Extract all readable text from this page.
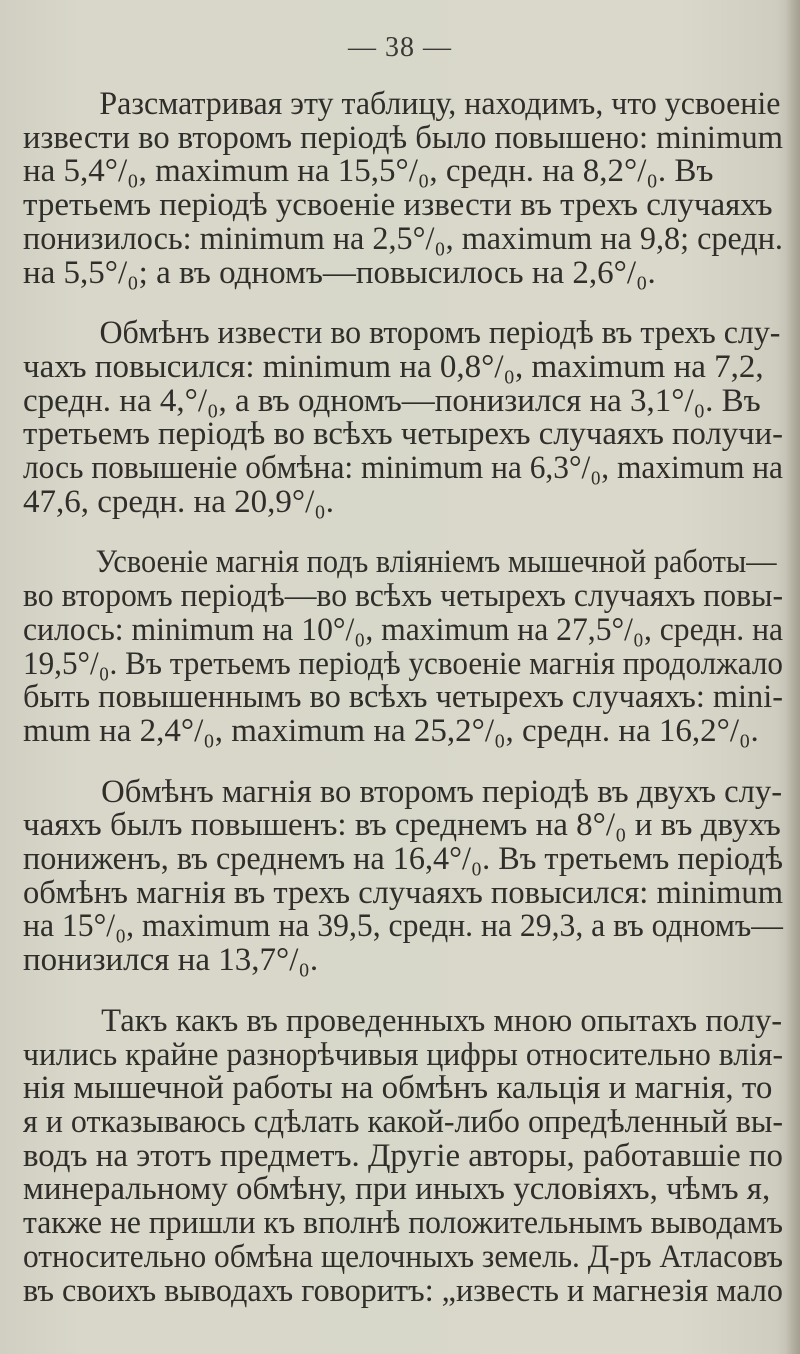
— 38 —

Разсматривая эту таблицу, находимъ, что усвоеніе
извести во второмъ періодѣ было повышено: minimum
на 5,4°/₀, maximum на 15,5°/₀, средн. на 8,2°/₀. Въ
третьемъ періодѣ усвоеніе извести въ трехъ случаяхъ
понизилось: minimum на 2,5°/₀, maximum на 9,8; средн.
на 5,5°/₀; а въ одномъ—повысилось на 2,6°/₀.

Обмѣнъ извести во второмъ періодѣ въ трехъ слу-
чахъ повысился: minimum на 0,8°/₀, maximum на 7,2,
средн. на 4,°/₀, а въ одномъ—понизился на 3,1°/₀. Въ
третьемъ періодѣ во всѣхъ четырехъ случаяхъ получи-
лось повышеніе обмѣна: minimum на 6,3°/₀, maximum на
47,6, средн. на 20,9°/₀.

Усвоеніе магнія подъ вліяніемъ мышечной работы—
во второмъ періодѣ—во всѣхъ четырехъ случаяхъ повы-
силось: minimum на 10°/₀, maximum на 27,5°/₀, средн. на
19,5°/₀. Въ третьемъ періодѣ усвоеніе магнія продолжало
быть повышеннымъ во всѣхъ четырехъ случаяхъ: mini-
mum на 2,4°/₀, maximum на 25,2°/₀, средн. на 16,2°/₀.

Обмѣнъ магнія во второмъ періодѣ въ двухъ слу-
чаяхъ былъ повышенъ: въ среднемъ на 8°/₀ и въ двухъ
пониженъ, въ среднемъ на 16,4°/₀. Въ третьемъ періодѣ
обмѣнъ магнія въ трехъ случаяхъ повысился: minimum
на 15°/₀, maximum на 39,5, средн. на 29,3, а въ одномъ—
понизился на 13,7°/₀.

Такъ какъ въ проведенныхъ мною опытахъ полу-
чились крайне разнорѣчивыя цифры относительно влія-
нія мышечной работы на обмѣнъ кальція и магнія, то
я и отказываюсь сдѣлать какой-либо опредѣленный вы-
водъ на этотъ предметъ. Другіе авторы, работавшіе по
минеральному обмѣну, при иныхъ условіяхъ, чѣмъ я,
также не пришли къ вполнѣ положительнымъ выводамъ
относительно обмѣна щелочныхъ земель. Д-ръ Атласовъ
въ своихъ выводахъ говоритъ: „известь и магнезія мало
